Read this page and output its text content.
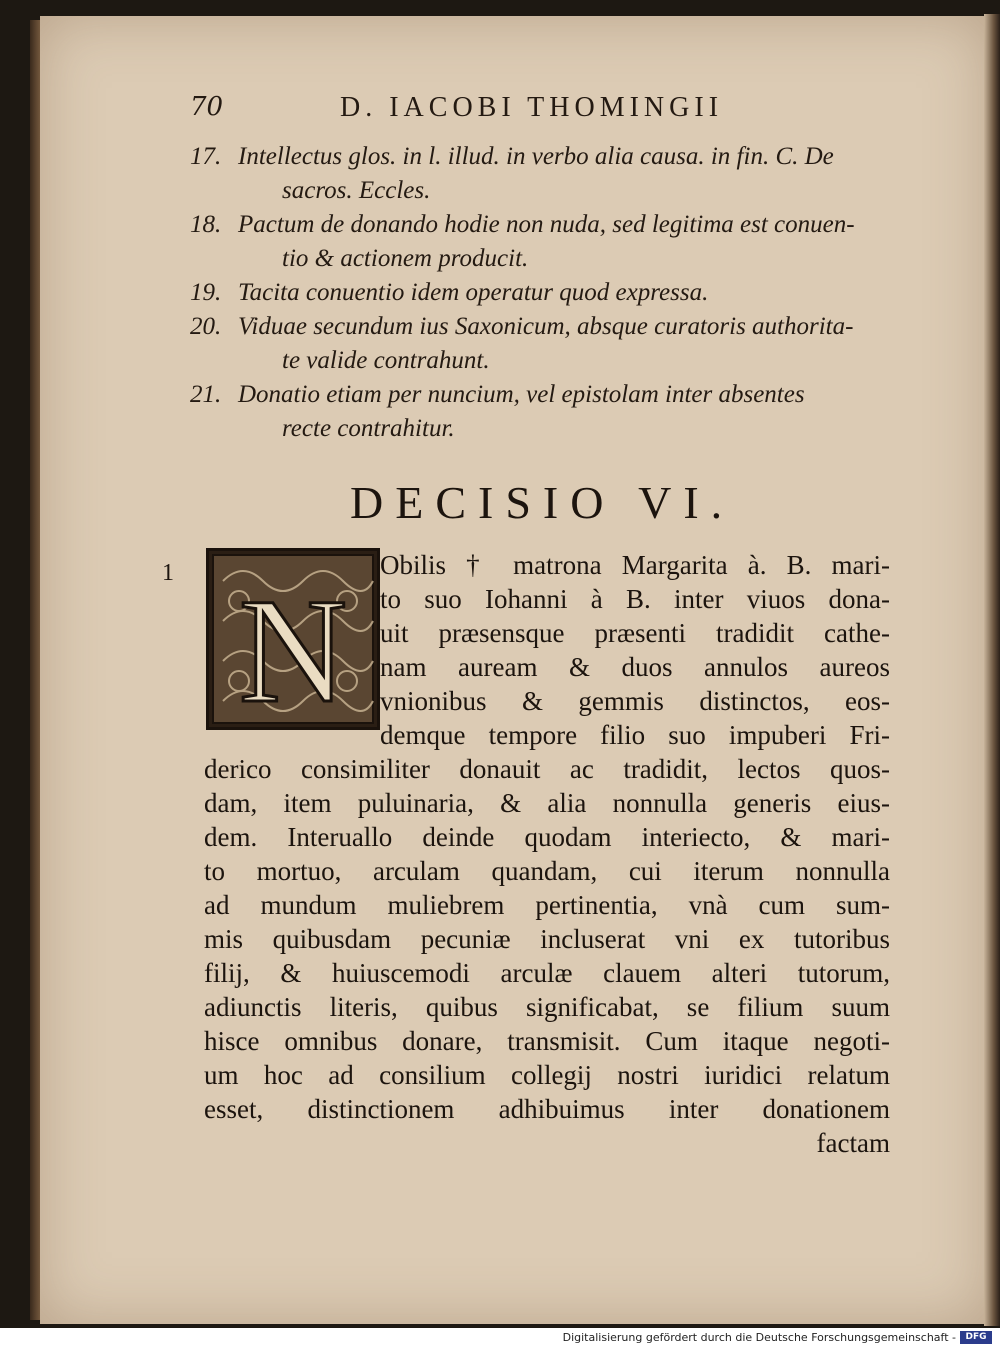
70	D. IACOBI THOMINGII
17. Intellectus glos. in l. illud. in verbo alia causa. in fin. C. De
sacros. Eccles.
18. Pactum de donando hodie non nuda, sed legitima est conuen-
tio & actionem producit.
19. Tacita conuentio idem operatur quod expressa.
20. Viduae secundum ius Saxonicum, absque curatoris authorita-
te valide contrahunt.
21. Donatio etiam per nuncium, vel epistolam inter absentes
recte contrahitur.
DECISIO VI.
1	Obilis † matrona Margarita à. B. mari-
to suo Iohanni à B. inter viuos dona-
uit præsensque præsenti tradidit cathe-
nam auream & duos annulos aureos
vnionibus & gemmis distinctos, eos-
demque tempore filio suo impuberi Fri-
derico consimiliter donauit ac tradidit, lectos quos-
dam, item puluinaria, & alia nonnulla generis eius-
dem. Interuallo deinde quodam interiecto, & mari-
to mortuo, arculam quandam, cui iterum nonnulla
ad mundum muliebrem pertinentia, vnà cum sum-
mis quibusdam pecuniæ incluserat vni ex tutoribus
filij, & huiuscemodi arculæ clauem alteri tutorum,
adiunctis literis, quibus significabat, se filium suum
hisce omnibus donare, transmisit. Cum itaque negoti-
um hoc ad consilium collegij nostri iuridici relatum
esset, distinctionem adhibuimus inter donationem
factam
N
Digitalisierung gefördert durch die Deutsche Forschungsgemeinschaft -	DFG
